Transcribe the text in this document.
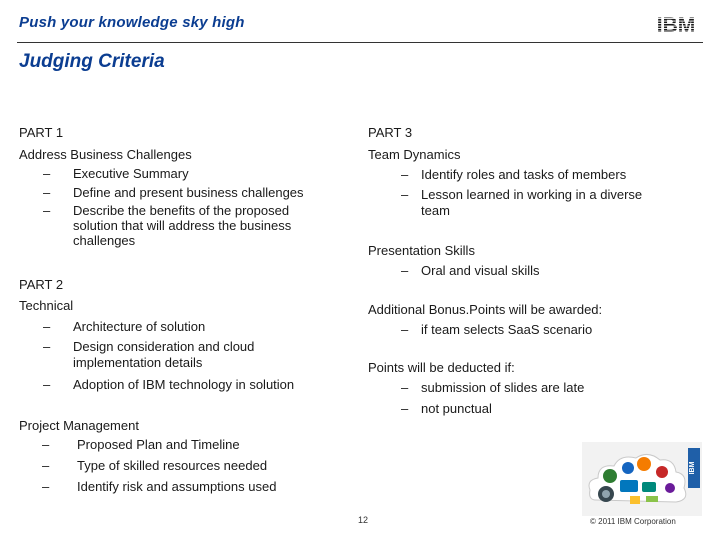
Push your knowledge sky high	IBM
Judging Criteria
PART 1
Address Business Challenges
– Executive Summary
– Define and present business challenges
– Describe the benefits of the proposed solution that will address the business challenges
PART 2
Technical
– Architecture of solution
– Design consideration and cloud implementation details
– Adoption of IBM technology in solution
Project Management
– Proposed Plan and Timeline
– Type of skilled resources needed
– Identify risk and assumptions used
PART 3
Team Dynamics
– Identify roles and tasks of members
– Lesson learned in working in a diverse team
Presentation Skills
– Oral and visual skills
Additional Bonus.Points will be awarded:
– if team selects SaaS scenario
Points will be deducted if:
– submission of slides are late
– not punctual
IBM
12	© 2011 IBM Corporation
